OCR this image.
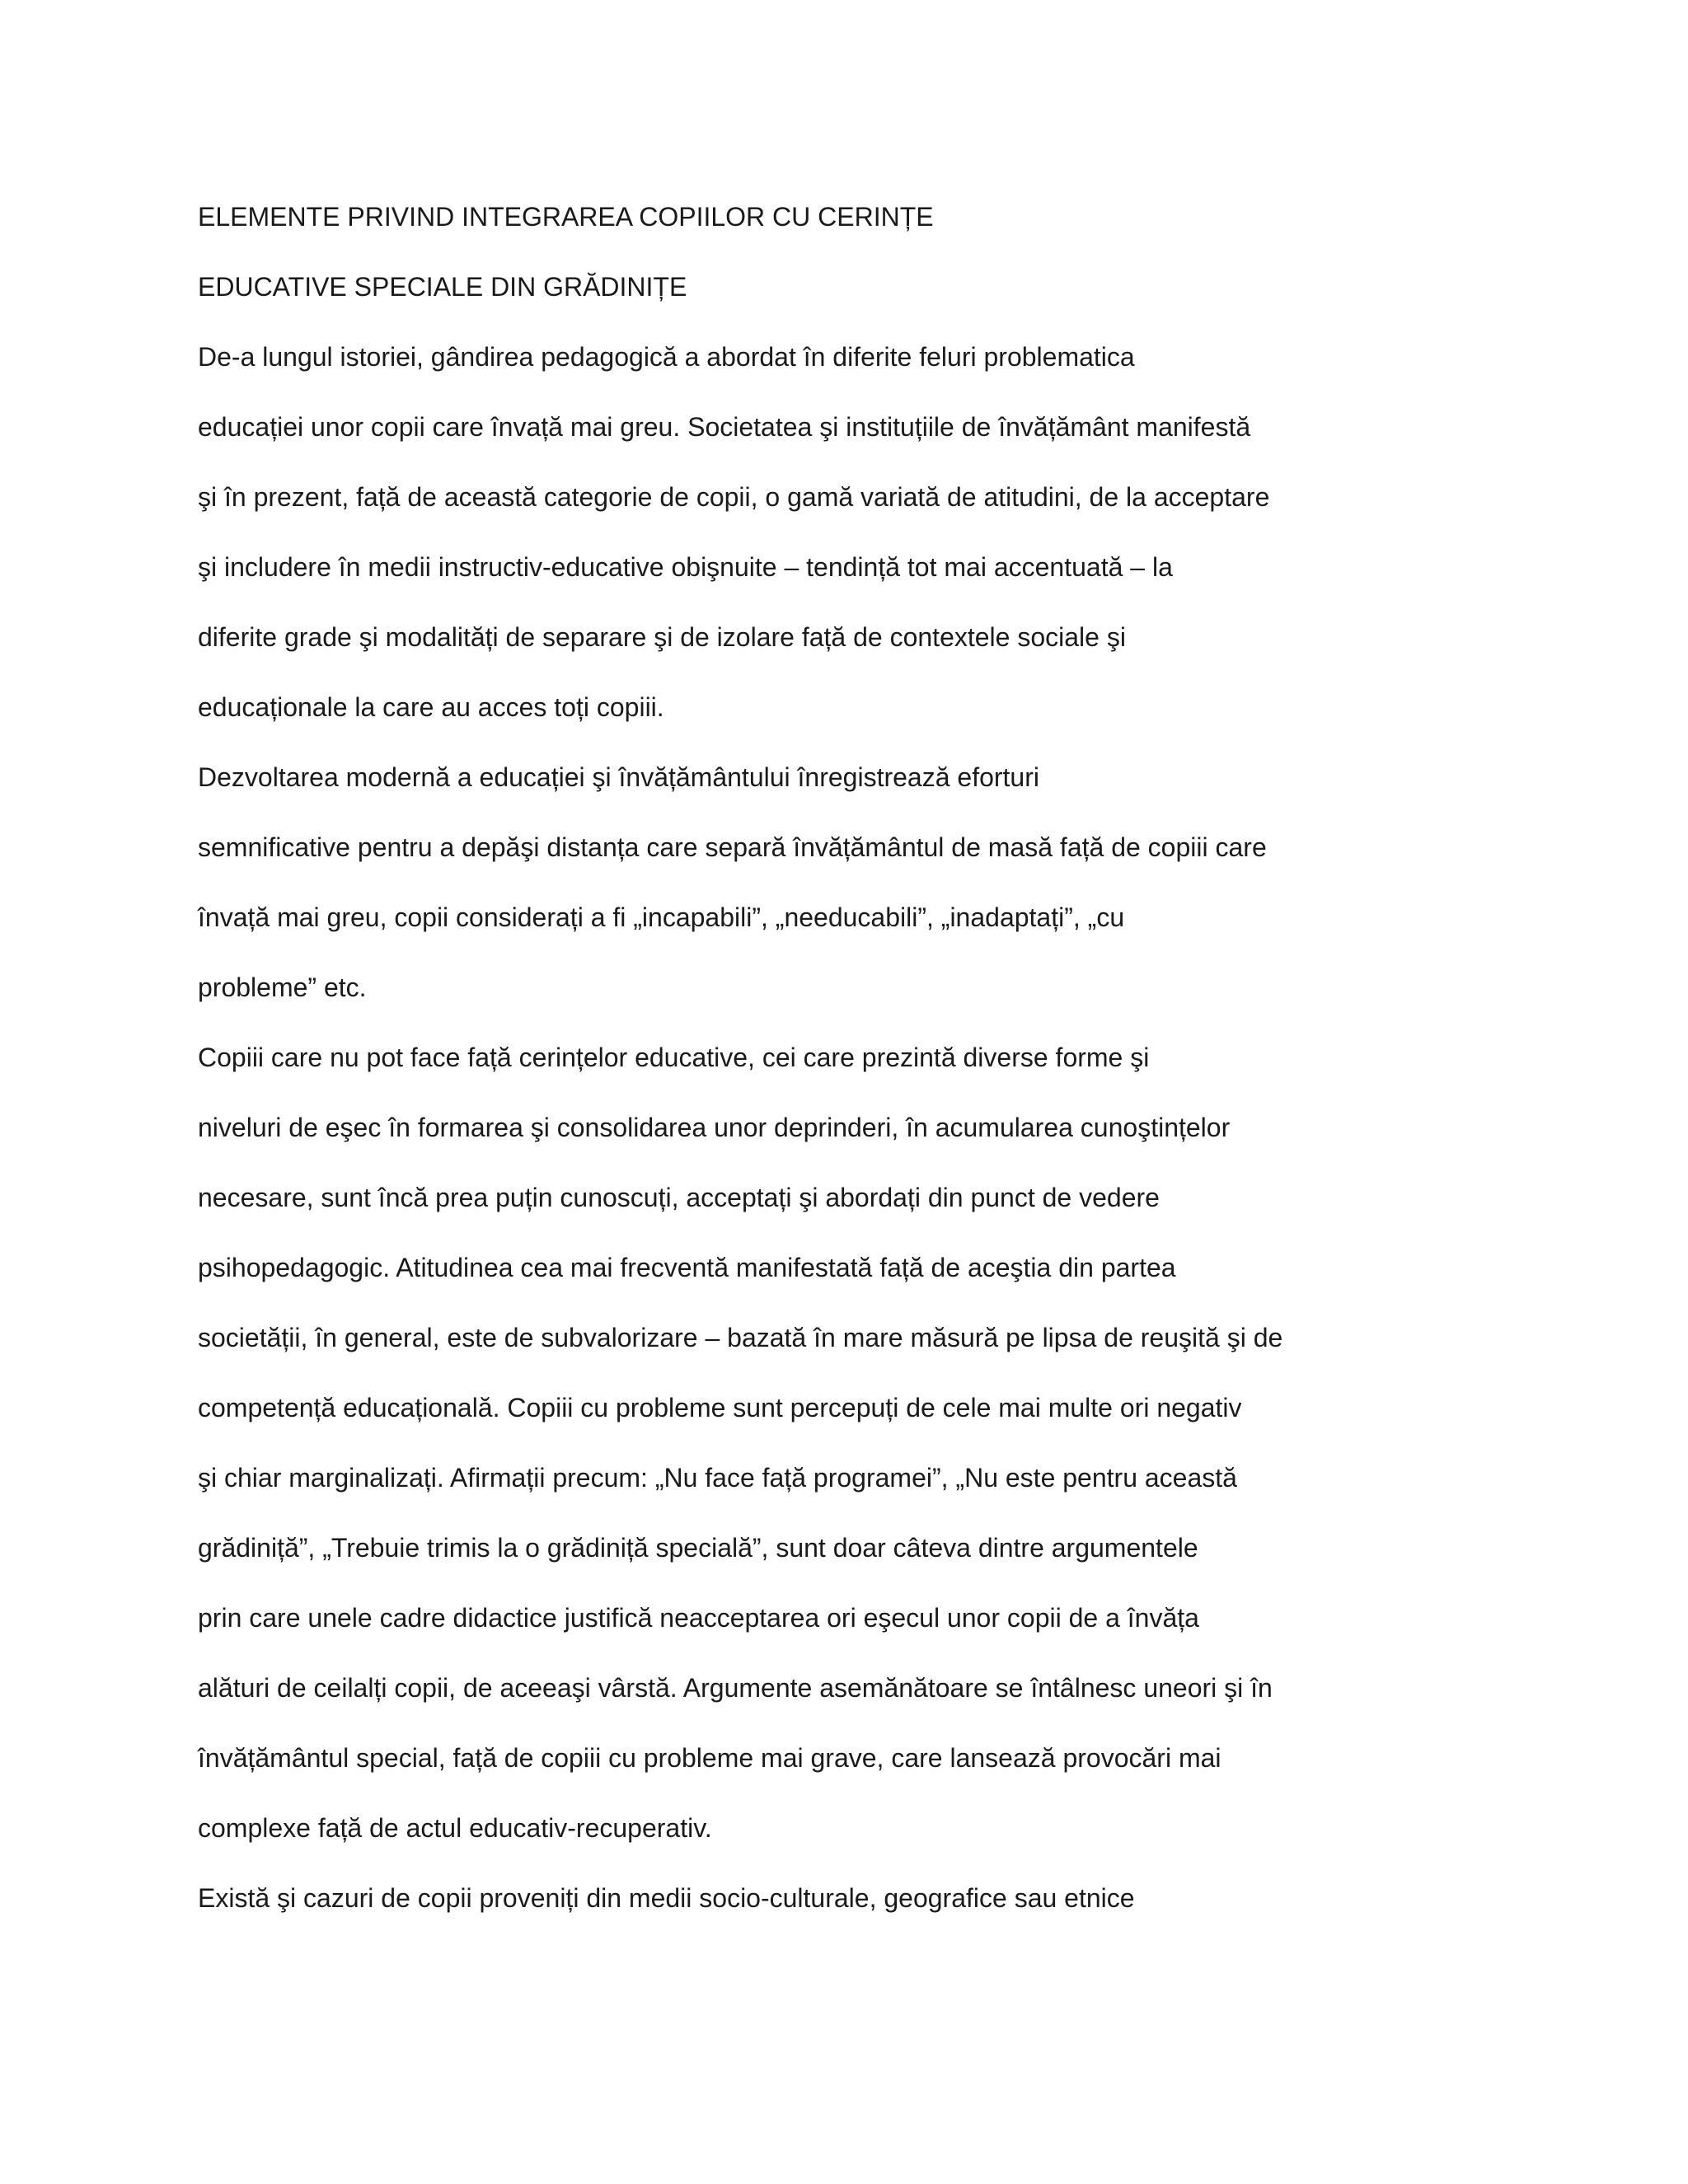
ELEMENTE PRIVIND INTEGRAREA COPIILOR CU CERINȚE
EDUCATIVE SPECIALE DIN GRĂDINIȚE
De-a lungul istoriei, gândirea pedagogică a abordat în diferite feluri problematica
educației unor copii care învață mai greu. Societatea şi instituțiile de învățământ manifestă
şi în prezent, față de această categorie de copii, o gamă variată de atitudini, de la acceptare
şi includere în medii instructiv-educative obişnuite – tendință tot mai accentuată – la
diferite grade şi modalități de separare şi de izolare față de contextele sociale şi
educaționale la care au acces toți copiii.
Dezvoltarea modernă a educației şi învățământului înregistrează eforturi
semnificative pentru a depăşi distanța care separă învățământul de masă față de copiii care
învață mai greu, copii considerați a fi „incapabili”, „needucabili”, „inadaptați”, „cu
probleme” etc.
Copiii care nu pot face față cerințelor educative, cei care prezintă diverse forme şi
niveluri de eşec în formarea şi consolidarea unor deprinderi, în acumularea cunoştințelor
necesare, sunt încă prea puțin cunoscuți, acceptați şi abordați din punct de vedere
psihopedagogic. Atitudinea cea mai frecventă manifestată față de aceştia din partea
societății, în general, este de subvalorizare – bazată în mare măsură pe lipsa de reuşită şi de
competență educațională. Copiii cu probleme sunt percepuți de cele mai multe ori negativ
şi chiar marginalizați. Afirmații precum: „Nu face față programei”, „Nu este pentru această
grădiniță”, „Trebuie trimis la o grădiniță specială”, sunt doar câteva dintre argumentele
prin care unele cadre didactice justifică neacceptarea ori eşecul unor copii de a învăța
alături de ceilalți copii, de aceeaşi vârstă. Argumente asemănătoare se întâlnesc uneori şi în
învățământul special, față de copiii cu probleme mai grave, care lansează provocări mai
complexe față de actul educativ-recuperativ.
Există şi cazuri de copii proveniți din medii socio-culturale, geografice sau etnice
